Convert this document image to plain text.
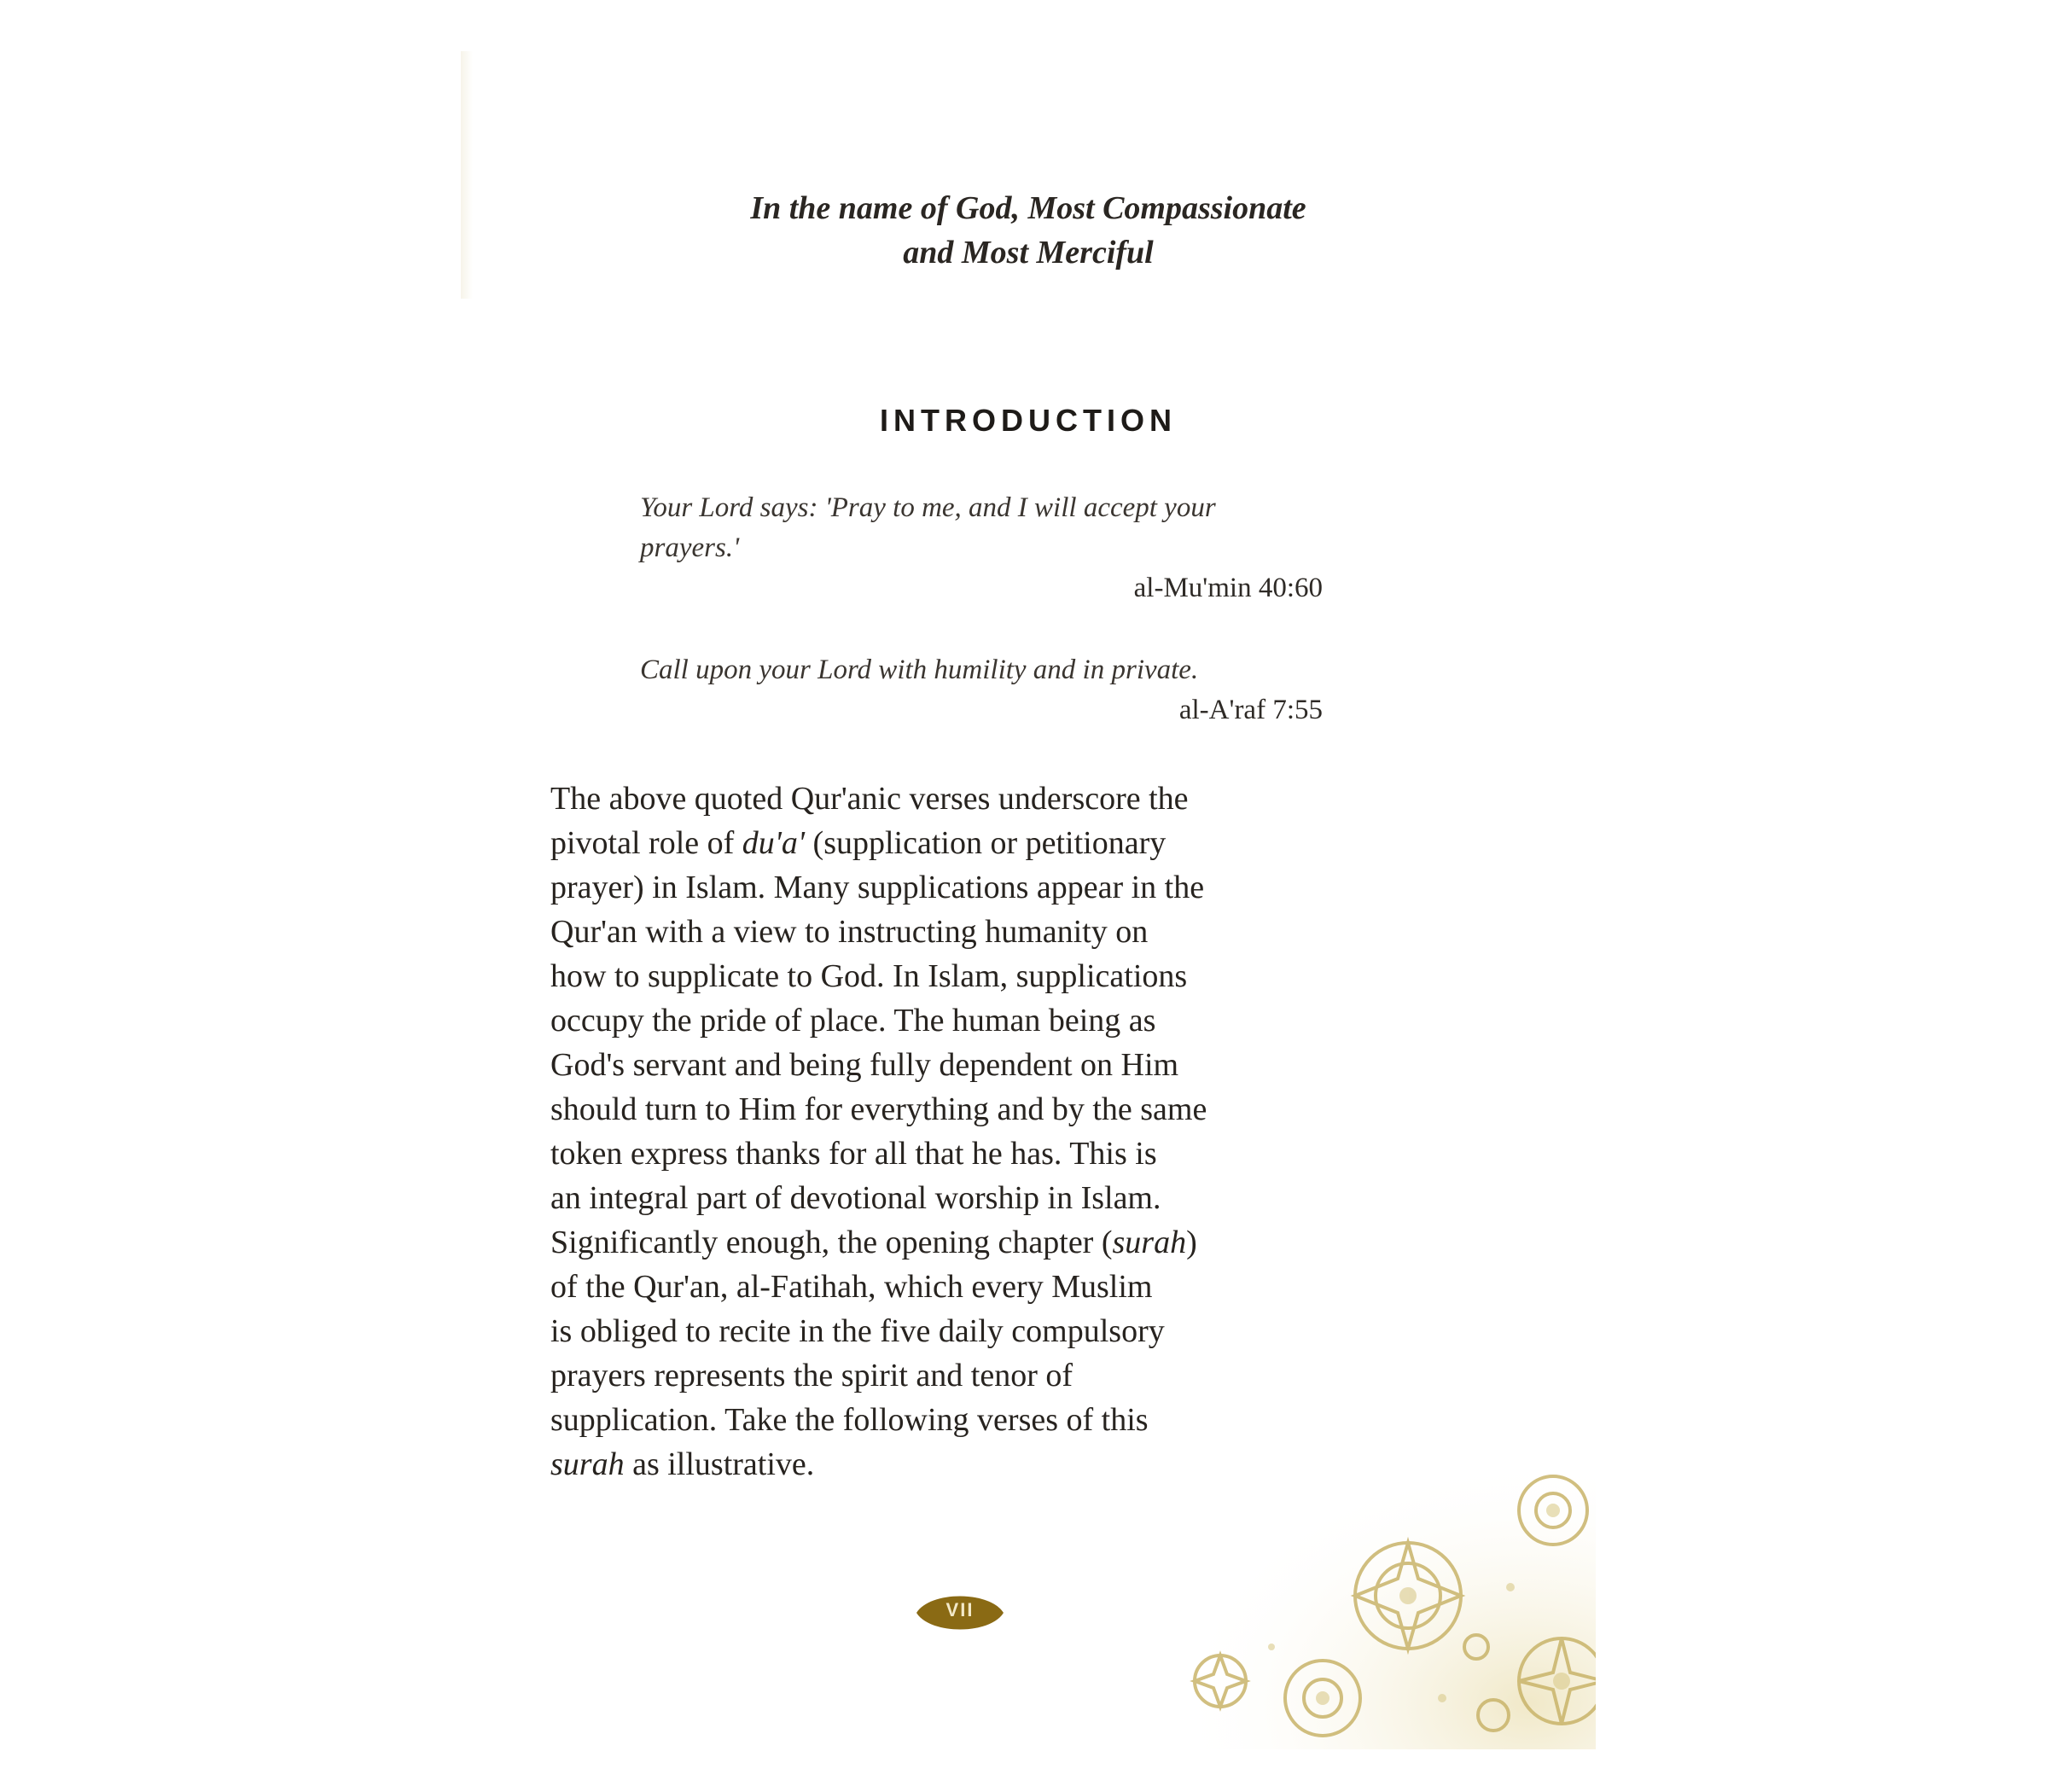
In the name of God, Most Compassionate
and Most Merciful

INTRODUCTION
Your Lord says: 'Pray to me, and I will accept your
prayers.'
al-Mu'min 40:60
Call upon your Lord with humility and in private.
al-A'raf 7:55

The above quoted Qur'anic verses underscore the
pivotal role of du'a' (supplication or petitionary
prayer) in Islam. Many supplications appear in the
Qur'an with a view to instructing humanity on
how to supplicate to God. In Islam, supplications
occupy the pride of place. The human being as
God's servant and being fully dependent on Him
should turn to Him for everything and by the same
token express thanks for all that he has. This is
an integral part of devotional worship in Islam.
Significantly enough, the opening chapter (surah)
of the Qur'an, al-Fatihah, which every Muslim
is obliged to recite in the five daily compulsory
prayers represents the spirit and tenor of
supplication. Take the following verses of this
surah as illustrative.

VII
